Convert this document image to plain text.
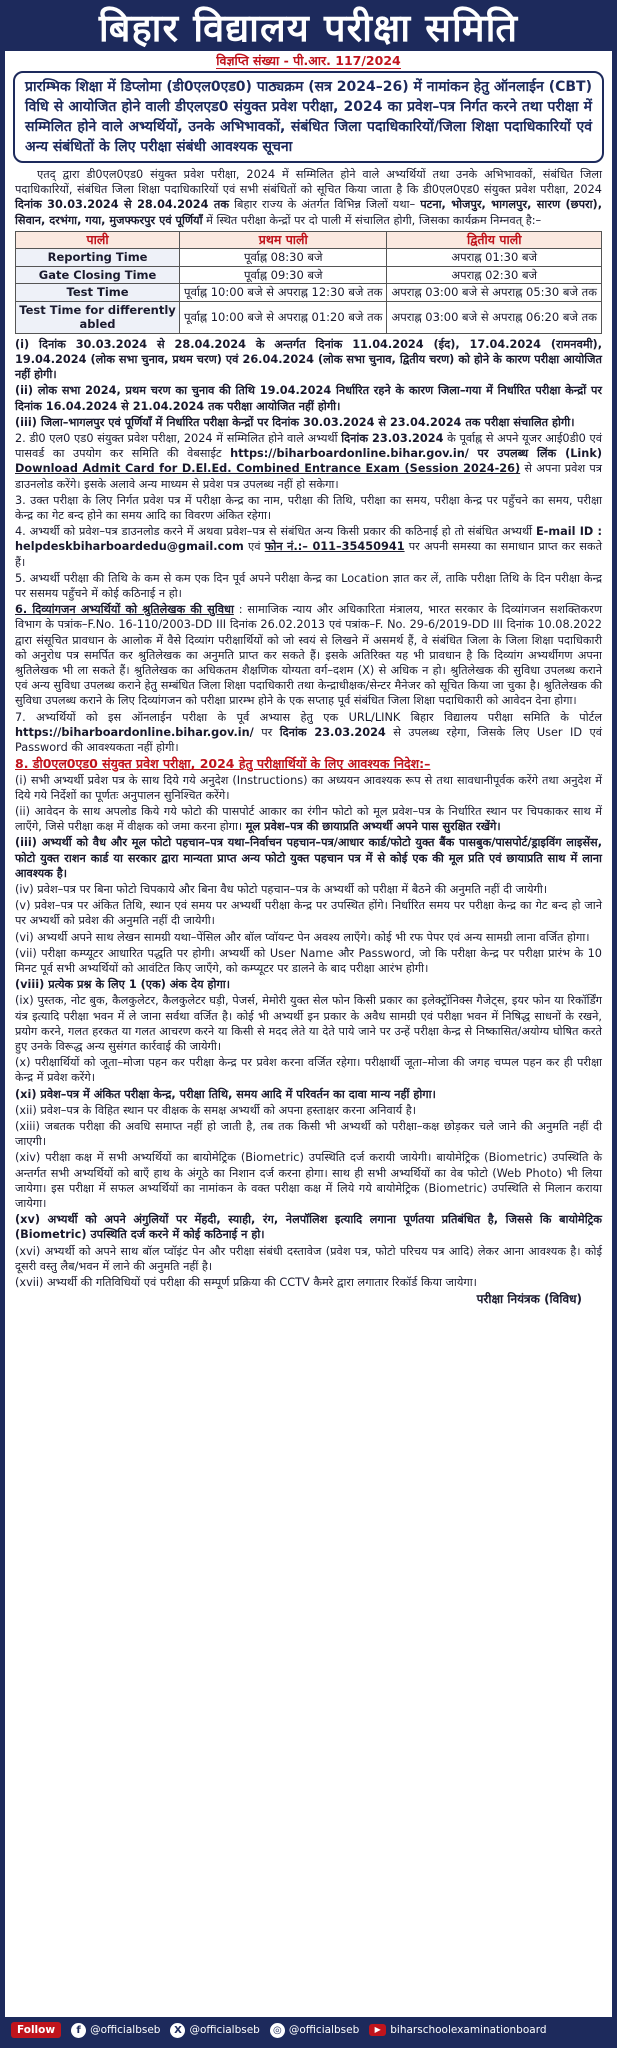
बिहार विद्यालय परीक्षा समिति
विज्ञप्ति संख्या - पी.आर. 117/2024
प्रारम्भिक शिक्षा में डिप्लोमा (डी0एल0एड0) पाठ्यक्रम (सत्र 2024–26) में नामांकन हेतु ऑनलाईन (CBT) विधि से आयोजित होने वाली डीएलएड0 संयुक्त प्रवेश परीक्षा, 2024 का प्रवेश–पत्र निर्गत करने तथा परीक्षा में सम्मिलित होने वाले अभ्यर्थियों, उनके अभिभावकों, संबंधित जिला पदाधिकारियों/जिला शिक्षा पदाधिकारियों एवं अन्य संबंधितों के लिए परीक्षा संबंधी आवश्यक सूचना

एतद् द्वारा डी0एल0एड0 संयुक्त प्रवेश परीक्षा, 2024 में सम्मिलित होने वाले अभ्यर्थियों तथा उनके अभिभावकों, संबंधित जिला पदाधिकारियों, संबंधित जिला शिक्षा पदाधिकारियों एवं सभी संबंधितों को सूचित किया जाता है कि डी0एल0एड0 संयुक्त प्रवेश परीक्षा, 2024 दिनांक 30.03.2024 से 28.04.2024 तक बिहार राज्य के अंतर्गत विभिन्न जिलों यथा– पटना, भोजपुर, भागलपुर, सारण (छपरा), सिवान, दरभंगा, गया, मुजफ्फरपुर एवं पूर्णियाँ में स्थित परीक्षा केन्द्रों पर दो पाली में संचालित होगी, जिसका कार्यक्रम निम्नवत् है:–

पाली	प्रथम पाली	द्वितीय पाली
Reporting Time	पूर्वाह्न 08:30 बजे	अपराह्न 01:30 बजे
Gate Closing Time	पूर्वाह्न 09:30 बजे	अपराह्न 02:30 बजे
Test Time	पूर्वाह्न 10:00 बजे से अपराह्न 12:30 बजे तक	अपराह्न 03:00 बजे से अपराह्न 05:30 बजे तक
Test Time for differently abled	पूर्वाह्न 10:00 बजे से अपराह्न 01:20 बजे तक	अपराह्न 03:00 बजे से अपराह्न 06:20 बजे तक

(i) दिनांक 30.03.2024 से 28.04.2024 के अन्तर्गत दिनांक 11.04.2024 (ईद), 17.04.2024 (रामनवमी), 19.04.2024 (लोक सभा चुनाव, प्रथम चरण) एवं 26.04.2024 (लोक सभा चुनाव, द्वितीय चरण) को होने के कारण परीक्षा आयोजित नहीं होगी।

(ii) लोक सभा 2024, प्रथम चरण का चुनाव की तिथि 19.04.2024 निर्धारित रहने के कारण जिला–गया में निर्धारित परीक्षा केन्द्रों पर दिनांक 16.04.2024 से 21.04.2024 तक परीक्षा आयोजित नहीं होगी।

(iii) जिला–भागलपुर एवं पूर्णियाँ में निर्धारित परीक्षा केन्द्रों पर दिनांक 30.03.2024 से 23.04.2024 तक परीक्षा संचालित होगी।

2. डी0 एल0 एड0 संयुक्त प्रवेश परीक्षा, 2024 में सम्मिलित होने वाले अभ्यर्थी दिनांक 23.03.2024 के पूर्वाह्न से अपने यूजर आई0डी0 एवं पासवर्ड का उपयोग कर समिति की वेबसाईट https://biharboardonline.bihar.gov.in/ पर उपलब्ध लिंक (Link) Download Admit Card for D.El.Ed. Combined Entrance Exam (Session 2024-26) से अपना प्रवेश पत्र डाउनलोड करेंगे। इसके अलावे अन्य माध्यम से प्रवेश पत्र उपलब्ध नहीं हो सकेगा।

3. उक्त परीक्षा के लिए निर्गत प्रवेश पत्र में परीक्षा केन्द्र का नाम, परीक्षा की तिथि, परीक्षा का समय, परीक्षा केन्द्र पर पहुँचने का समय, परीक्षा केन्द्र का गेट बन्द होने का समय आदि का विवरण अंकित रहेगा।

4. अभ्यर्थी को प्रवेश–पत्र डाउनलोड करने में अथवा प्रवेश–पत्र से संबंधित अन्य किसी प्रकार की कठिनाई हो तो संबंधित अभ्यर्थी E-mail ID : helpdeskbiharboardedu@gmail.com एवं फोन नं.:– 011–35450941 पर अपनी समस्या का समाधान प्राप्त कर सकते हैं।

5. अभ्यर्थी परीक्षा की तिथि के कम से कम एक दिन पूर्व अपने परीक्षा केन्द्र का Location ज्ञात कर लें, ताकि परीक्षा तिथि के दिन परीक्षा केन्द्र पर ससमय पहुँचने में कोई कठिनाई न हो।

6. दिव्यांगजन अभ्यर्थियों को श्रुतिलेखक की सुविधा : सामाजिक न्याय और अधिकारिता मंत्रालय, भारत सरकार के दिव्यांगजन सशक्तिकरण विभाग के पत्रांक–F.No. 16-110/2003-DD III दिनांक 26.02.2013 एवं पत्रांक–F. No. 29-6/2019-DD III दिनांक 10.08.2022 द्वारा संसूचित प्रावधान के आलोक में वैसे दिव्यांग परीक्षार्थियों को जो स्वयं से लिखने में असमर्थ हैं, वे संबंधित जिला के जिला शिक्षा पदाधिकारी को अनुरोध पत्र समर्पित कर श्रुतिलेखक का अनुमति प्राप्त कर सकते हैं। इसके अतिरिक्त यह भी प्रावधान है कि दिव्यांग अभ्यर्थीगण अपना श्रुतिलेखक भी ला सकते हैं। श्रुतिलेखक का अधिकतम शैक्षणिक योग्यता वर्ग–दशम (X) से अधिक न हो। श्रुतिलेखक की सुविधा उपलब्ध कराने एवं अन्य सुविधा उपलब्ध कराने हेतु सम्बंधित जिला शिक्षा पदाधिकारी तथा केन्द्राधीक्षक/सेन्टर मैनेजर को सूचित किया जा चुका है। श्रुतिलेखक की सुविधा उपलब्ध कराने के लिए दिव्यांगजन को परीक्षा प्रारम्भ होने के एक सप्ताह पूर्व संबंधित जिला शिक्षा पदाधिकारी को आवेदन देना होगा।

7. अभ्यर्थियों को इस ऑनलाईन परीक्षा के पूर्व अभ्यास हेतु एक URL/LINK बिहार विद्यालय परीक्षा समिति के पोर्टल https://biharboardonline.bihar.gov.in/ पर दिनांक 23.03.2024 से उपलब्ध रहेगा, जिसके लिए User ID एवं Password की आवश्यकता नहीं होगी।

8. डी0एल0एड0 संयुक्त प्रवेश परीक्षा, 2024 हेतु परीक्षार्थियों के लिए आवश्यक निदेश:–

(i) सभी अभ्यर्थी प्रवेश पत्र के साथ दिये गये अनुदेश (Instructions) का अध्ययन आवश्यक रूप से तथा सावधानीपूर्वक करेंगे तथा अनुदेश में दिये गये निर्देशों का पूर्णतः अनुपालन सुनिश्चित करेंगे।

(ii) आवेदन के साथ अपलोड किये गये फोटो की पासपोर्ट आकार का रंगीन फोटो को मूल प्रवेश–पत्र के निर्धारित स्थान पर चिपकाकर साथ में लाएँगे, जिसे परीक्षा कक्ष में वीक्षक को जमा करना होगा। मूल प्रवेश–पत्र की छायाप्रति अभ्यर्थी अपने पास सुरक्षित रखेंगे।

(iii) अभ्यर्थी को वैध और मूल फोटो पहचान–पत्र यथा–निर्वाचन पहचान–पत्र/आधार कार्ड/फोटो युक्त बैंक पासबुक/पासपोर्ट/ड्राइविंग लाइसेंस, फोटो युक्त राशन कार्ड या सरकार द्वारा मान्यता प्राप्त अन्य फोटो युक्त पहचान पत्र में से कोई एक की मूल प्रति एवं छायाप्रति साथ में लाना आवश्यक है।

(iv) प्रवेश–पत्र पर बिना फोटो चिपकाये और बिना वैध फोटो पहचान–पत्र के अभ्यर्थी को परीक्षा में बैठने की अनुमति नहीं दी जायेगी।

(v) प्रवेश–पत्र पर अंकित तिथि, स्थान एवं समय पर अभ्यर्थी परीक्षा केन्द्र पर उपस्थित होंगे। निर्धारित समय पर परीक्षा केन्द्र का गेट बन्द हो जाने पर अभ्यर्थी को प्रवेश की अनुमति नहीं दी जायेगी।

(vi) अभ्यर्थी अपने साथ लेखन सामग्री यथा–पेंसिल और बॉल प्वॉयन्ट पेन अवश्य लाएँगे। कोई भी रफ पेपर एवं अन्य सामग्री लाना वर्जित होगा।

(vii) परीक्षा कम्प्यूटर आधारित पद्धति पर होगी। अभ्यर्थी को User Name और Password, जो कि परीक्षा केन्द्र पर परीक्षा प्रारंभ के 10 मिनट पूर्व सभी अभ्यर्थियों को आवंटित किए जाएँगे, को कम्प्यूटर पर डालने के बाद परीक्षा आरंभ होगी।

(viii) प्रत्येक प्रश्न के लिए 1 (एक) अंक देय होगा।

(ix) पुस्तक, नोट बुक, कैलकुलेटर, कैलकुलेटर घड़ी, पेजर्स, मेमोरी युक्त सेल फोन किसी प्रकार का इलेक्ट्रॉनिक्स गैजेट्स, इयर फोन या रिकॉर्डिंग यंत्र इत्यादि परीक्षा भवन में ले जाना सर्वथा वर्जित है। कोई भी अभ्यर्थी इन प्रकार के अवैध सामग्री एवं परीक्षा भवन में निषिद्ध साधनों के रखने, प्रयोग करने, गलत हरकत या गलत आचरण करने या किसी से मदद लेते या देते पाये जाने पर उन्हें परीक्षा केन्द्र से निष्कासित/अयोग्य घोषित करते हुए उनके विरूद्ध अन्य सुसंगत कार्रवाई की जायेगी।

(x) परीक्षार्थियों को जूता–मोजा पहन कर परीक्षा केन्द्र पर प्रवेश करना वर्जित रहेगा। परीक्षार्थी जूता–मोजा की जगह चप्पल पहन कर ही परीक्षा केन्द्र में प्रवेश करेंगे।

(xi) प्रवेश–पत्र में अंकित परीक्षा केन्द्र, परीक्षा तिथि, समय आदि में परिवर्तन का दावा मान्य नहीं होगा।

(xii) प्रवेश–पत्र के विहित स्थान पर वीक्षक के समक्ष अभ्यर्थी को अपना हस्ताक्षर करना अनिवार्य है।

(xiii) जबतक परीक्षा की अवधि समाप्त नहीं हो जाती है, तब तक किसी भी अभ्यर्थी को परीक्षा–कक्ष छोड़कर चले जाने की अनुमति नहीं दी जाएगी।

(xiv) परीक्षा कक्ष में सभी अभ्यर्थियों का बायोमेट्रिक (Biometric) उपस्थिति दर्ज करायी जायेगी। बायोमेट्रिक (Biometric) उपस्थिति के अन्तर्गत सभी अभ्यर्थियों को बाएँ हाथ के अंगूठे का निशान दर्ज करना होगा। साथ ही सभी अभ्यर्थियों का वेब फोटो (Web Photo) भी लिया जायेगा। इस परीक्षा में सफल अभ्यर्थियों का नामांकन के वक्त परीक्षा कक्ष में लिये गये बायोमेट्रिक (Biometric) उपस्थिति से मिलान कराया जायेगा।

(xv) अभ्यर्थी को अपने अंगुलियों पर मेंहदी, स्याही, रंग, नेलपॉलिश इत्यादि लगाना पूर्णतया प्रतिबंधित है, जिससे कि बायोमेट्रिक (Biometric) उपस्थिति दर्ज करने में कोई कठिनाई न हो।

(xvi) अभ्यर्थी को अपने साथ बॉल प्वॉइंट पेन और परीक्षा संबंधी दस्तावेज (प्रवेश पत्र, फोटो परिचय पत्र आदि) लेकर आना आवश्यक है। कोई दूसरी वस्तु लैब/भवन में लाने की अनुमति नहीं है।

(xvii) अभ्यर्थी की गतिविधियों एवं परीक्षा की सम्पूर्ण प्रक्रिया की CCTV कैमरे द्वारा लगातार रिकॉर्ड किया जायेगा।

परीक्षा नियंत्रक (विविध)
Follow	f @officialbseb	X @officialbseb	◎ @officialbseb	▶ biharschoolexaminationboard
